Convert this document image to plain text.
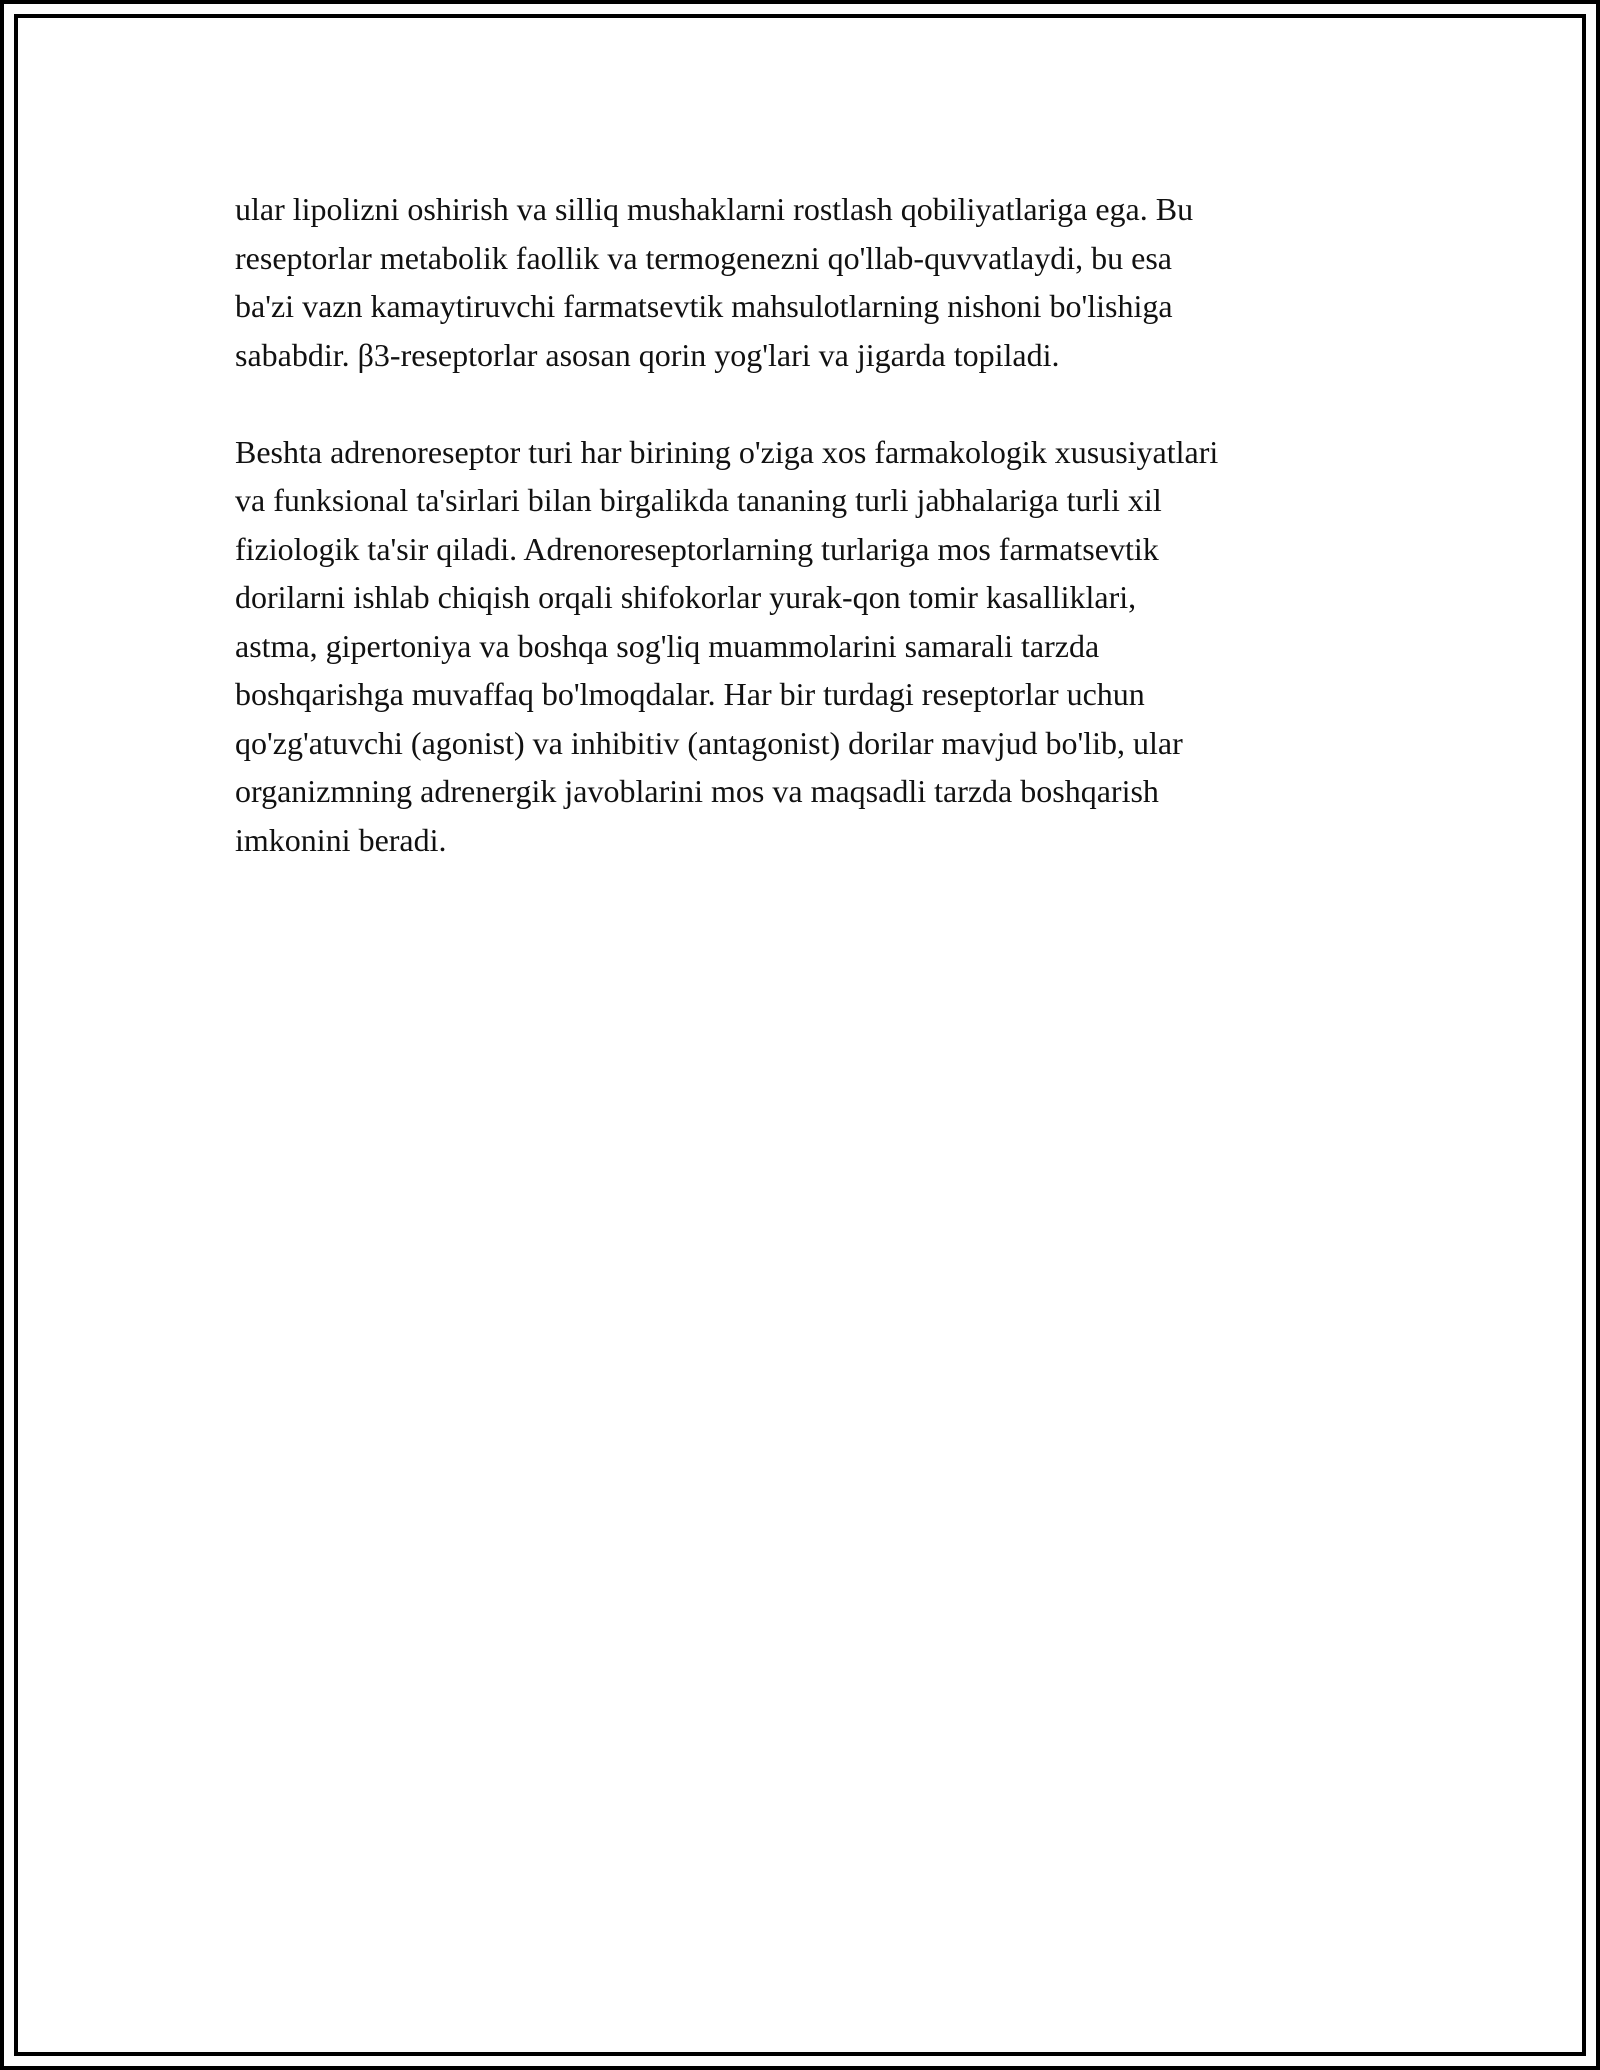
ular lipolizni oshirish va silliq mushaklarni rostlash qobiliyatlariga ega. Bu
reseptorlar metabolik faollik va termogenezni qo'llab-quvvatlaydi, bu esa
ba'zi vazn kamaytiruvchi farmatsevtik mahsulotlarning nishoni bo'lishiga
sababdir. β3-reseptorlar asosan qorin yog'lari va jigarda topiladi.

Beshta adrenoreseptor turi har birining o'ziga xos farmakologik xususiyatlari
va funksional ta'sirlari bilan birgalikda tananing turli jabhalariga turli xil
fiziologik ta'sir qiladi. Adrenoreseptorlarning turlariga mos farmatsevtik
dorilarni ishlab chiqish orqali shifokorlar yurak-qon tomir kasalliklari,
astma, gipertoniya va boshqa sog'liq muammolarini samarali tarzda
boshqarishga muvaffaq bo'lmoqdalar. Har bir turdagi reseptorlar uchun
qo'zg'atuvchi (agonist) va inhibitiv (antagonist) dorilar mavjud bo'lib, ular
organizmning adrenergik javoblarini mos va maqsadli tarzda boshqarish
imkonini beradi.
